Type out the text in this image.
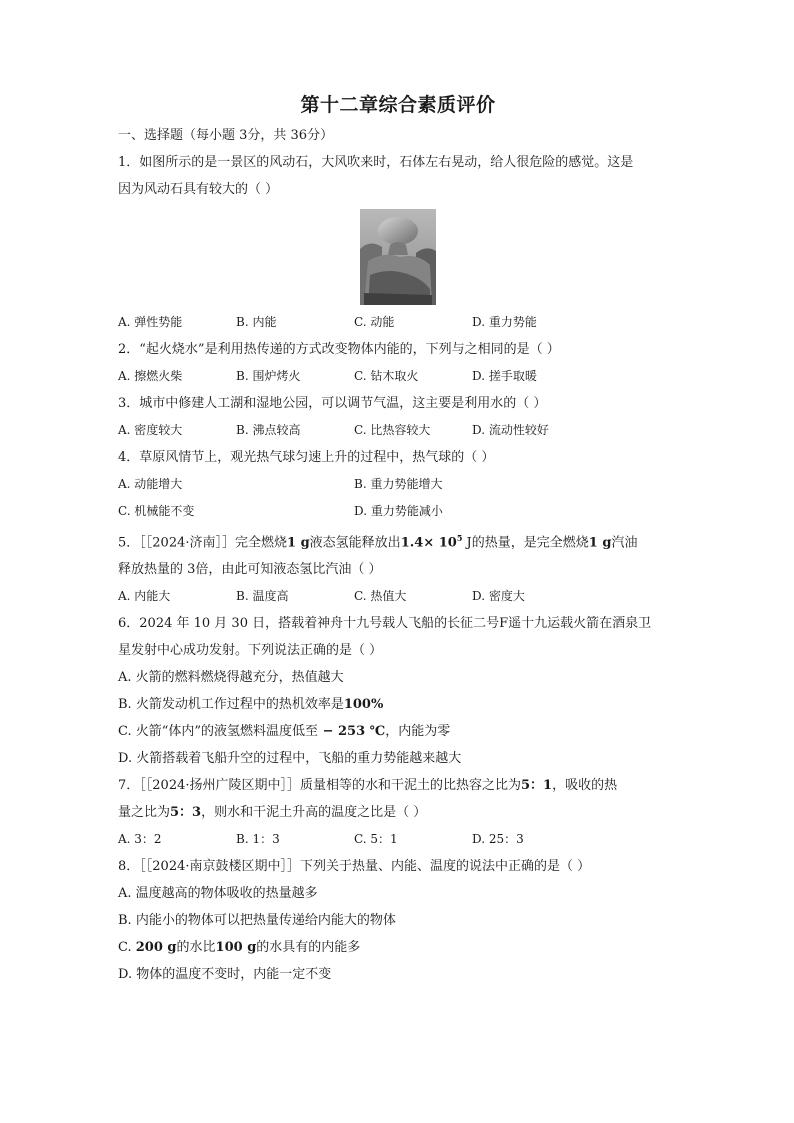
第十二章综合素质评价
一、选择题（每小题 3分，共 36分）
1．如图所示的是一景区的风动石，大风吹来时，石体左右晃动，给人很危险的感觉。这是
因为风动石具有较大的（ ）
A. 弹性势能	B. 内能	C. 动能	D. 重力势能
2．“起火烧水”是利用热传递的方式改变物体内能的，下列与之相同的是（ ）
A. 擦燃火柴	B. 围炉烤火	C. 钻木取火	D. 搓手取暖
3．城市中修建人工湖和湿地公园，可以调节气温，这主要是利用水的（ ）
A. 密度较大	B. 沸点较高	C. 比热容较大	D. 流动性较好
4．草原风情节上，观光热气球匀速上升的过程中，热气球的（ ）
A. 动能增大	B. 重力势能增大
C. 机械能不变	D. 重力势能减小
5．［［2024·济南］］完全燃烧1 g液态氢能释放出$1.4\times 10^5$ J的热量，是完全燃烧1 g汽油
释放热量的 3倍，由此可知液态氢比汽油（ ）
A. 内能大	B. 温度高	C. 热值大	D. 密度大
6．2024 年 10 月 30 日，搭载着神舟十九号载人飞船的长征二号F遥十九运载火箭在酒泉卫
星发射中心成功发射。下列说法正确的是（ ）
A. 火箭的燃料燃烧得越充分，热值越大
B. 火箭发动机工作过程中的热机效率是100%
C. 火箭“体内”的液氢燃料温度低至 − 253 ℃，内能为零
D. 火箭搭载着飞船升空的过程中，飞船的重力势能越来越大
7．［［2024·扬州广陵区期中］］质量相等的水和干泥土的比热容之比为5：1，吸收的热
量之比为5：3，则水和干泥土升高的温度之比是（ ）
A. 3：2	B. 1：3	C. 5：1	D. 25：3
8．［［2024·南京鼓楼区期中］］下列关于热量、内能、温度的说法中正确的是（ ）
A. 温度越高的物体吸收的热量越多
B. 内能小的物体可以把热量传递给内能大的物体
C. 200 g的水比100 g的水具有的内能多
D. 物体的温度不变时，内能一定不变
